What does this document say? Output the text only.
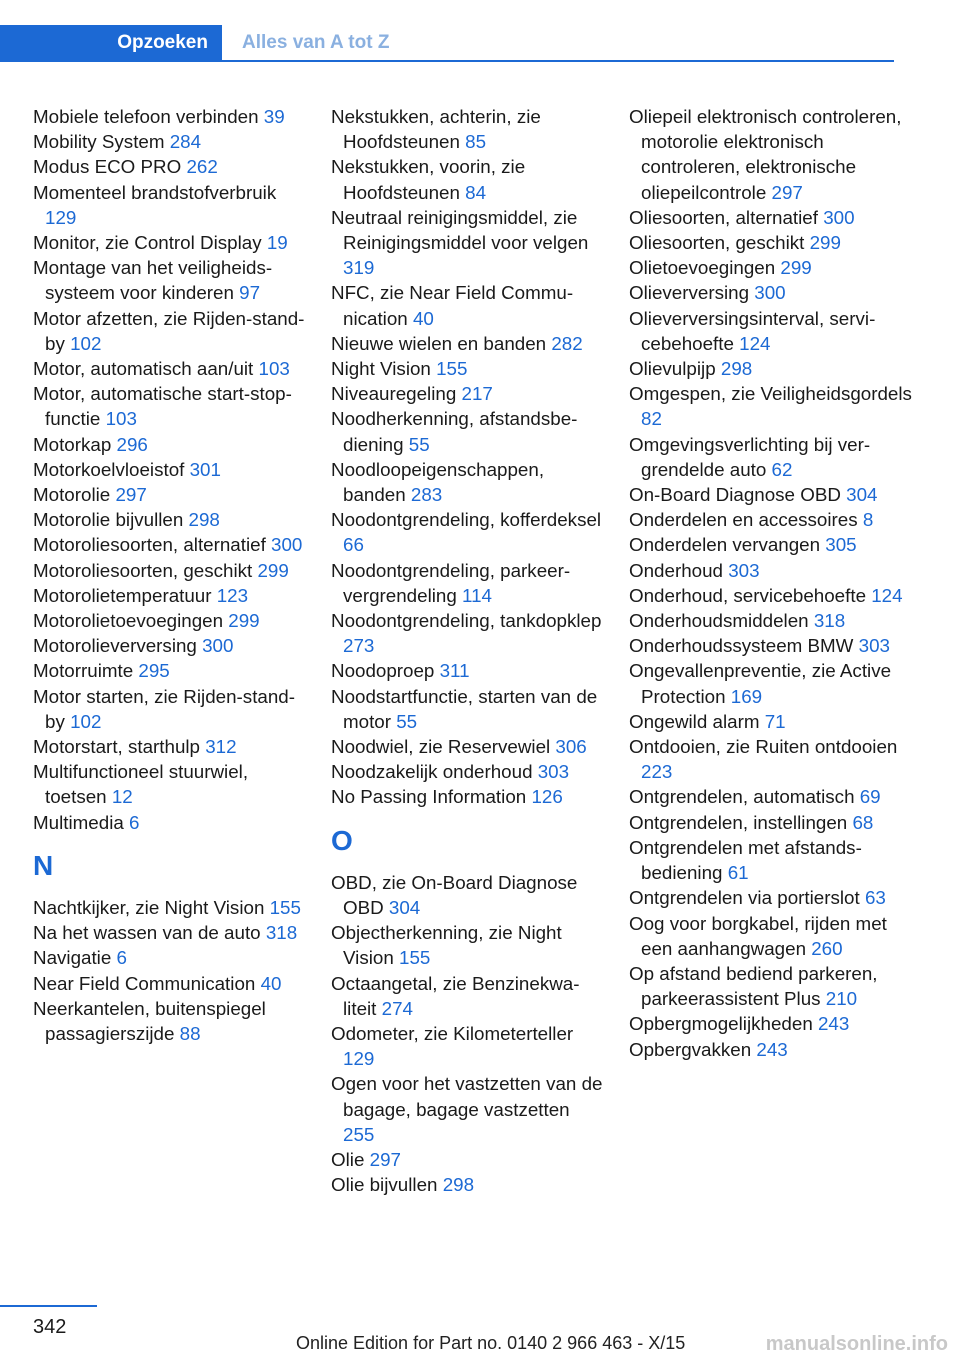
Opzoeken	Alles van A tot Z

Mobiele telefoon verbinden 39

Mobility System 284

Modus ECO PRO 262

Momenteel brandstofverbruik 129

Monitor, zie Control Display 19

Montage van het veiligheidssysteem voor kinderen 97

Motor afzetten, zie Rijden-stand-by 102

Motor, automatisch aan/uit 103

Motor, automatische start-stop-functie 103

Motorkap 296

Motorkoelvloeistof 301

Motorolie 297

Motorolie bijvullen 298

Motoroliesoorten, alternatief 300

Motoroliesoorten, geschikt 299

Motorolietemperatuur 123

Motorolietoevoegingen 299

Motorolieverversing 300

Motorruimte 295

Motor starten, zie Rijden-stand-by 102

Motorstart, starthulp 312

Multifunctioneel stuurwiel, toetsen 12

Multimedia 6

N

Nachtkijker, zie Night Vision 155

Na het wassen van de auto 318

Navigatie 6

Near Field Communication 40

Neerkantelen, buitenspiegel passagierszijde 88

Nekstukken, achterin, zie Hoofdsteunen 85

Nekstukken, voorin, zie Hoofdsteunen 84

Neutraal reinigingsmiddel, zie Reinigingsmiddel voor velgen 319

NFC, zie Near Field Communication 40

Nieuwe wielen en banden 282

Night Vision 155

Niveauregeling 217

Noodherkenning, afstandsbediening 55

Noodloopeigenschappen, banden 283

Noodontgrendeling, kofferdeksel 66

Noodontgrendeling, parkeervergrendeling 114

Noodontgrendeling, tankdopklep 273

Noodoproep 311

Noodstartfunctie, starten van de motor 55

Noodwiel, zie Reservewiel 306

Noodzakelijk onderhoud 303

No Passing Information 126

O

OBD, zie On-Board Diagnose OBD 304

Objectherkenning, zie Night Vision 155

Octaangetal, zie Benzinekwaliteit 274

Odometer, zie Kilometerteller 129

Ogen voor het vastzetten van de bagage, bagage vastzetten 255

Olie 297

Olie bijvullen 298

Oliepeil elektronisch controleren, motorolie elektronisch controleren, elektronische oliepeilcontrole 297

Oliesoorten, alternatief 300

Oliesoorten, geschikt 299

Olietoevoegingen 299

Olieverversing 300

Olieverversingsinterval, servicebehoefte 124

Olievulpijp 298

Omgespen, zie Veiligheidsgordels 82

Omgevingsverlichting bij vergrendelde auto 62

On-Board Diagnose OBD 304

Onderdelen en accessoires 8

Onderdelen vervangen 305

Onderhoud 303

Onderhoud, servicebehoefte 124

Onderhoudsmiddelen 318

Onderhoudssysteem BMW 303

Ongevallenpreventie, zie Active Protection 169

Ongewild alarm 71

Ontdooien, zie Ruiten ontdooien 223

Ontgrendelen, automatisch 69

Ontgrendelen, instellingen 68

Ontgrendelen met afstandsbediening 61

Ontgrendelen via portierslot 63

Oog voor borgkabel, rijden met een aanhangwagen 260

Op afstand bediend parkeren, parkeerassistent Plus 210

Opbergmogelijkheden 243

Opbergvakken 243

342
Online Edition for Part no. 0140 2 966 463 - X/15	manualsonline.info
